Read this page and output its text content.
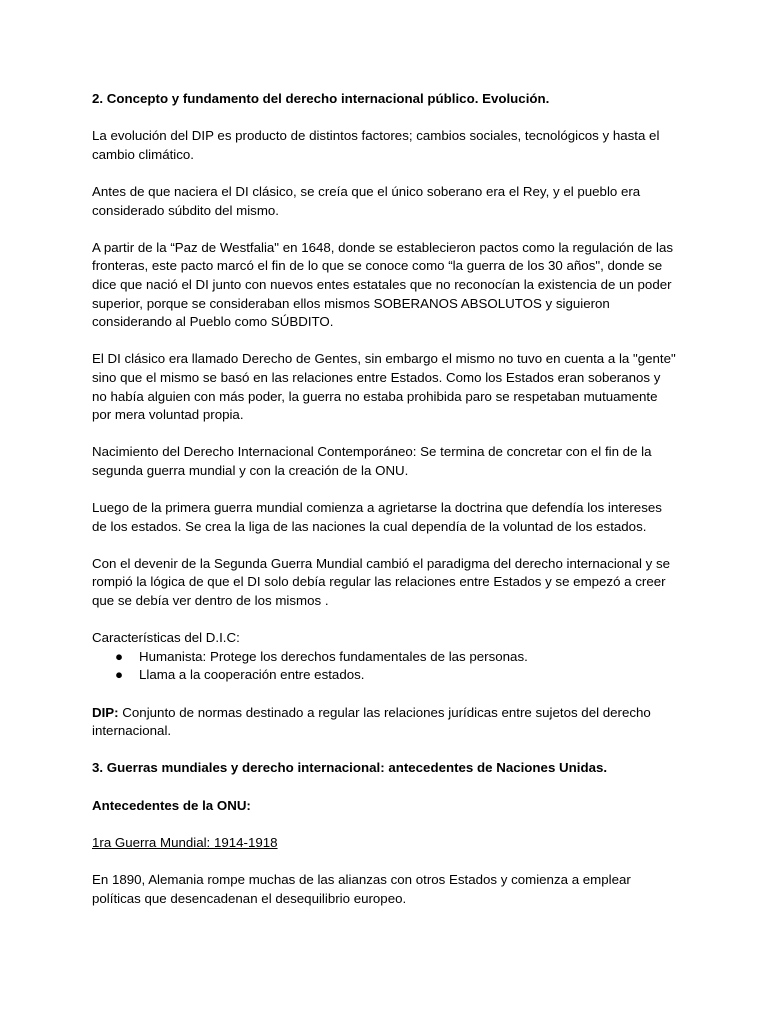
2. Concepto y fundamento del derecho internacional público. Evolución.

La evolución del DIP es producto de distintos factores; cambios sociales, tecnológicos y hasta el cambio climático.

Antes de que naciera el DI clásico, se creía que el único soberano era el Rey, y el pueblo era considerado súbdito del mismo.

A partir de la “Paz de Westfalia" en 1648, donde se establecieron pactos como la regulación de las fronteras, este pacto marcó el fin de lo que se conoce como “la guerra de los 30 años", donde se dice que nació el DI junto con nuevos entes estatales que no reconocían la existencia de un poder superior, porque se consideraban ellos mismos SOBERANOS ABSOLUTOS y siguieron considerando al Pueblo como SÚBDITO.

El DI clásico era llamado Derecho de Gentes, sin embargo el mismo no tuvo en cuenta a la "gente" sino que el mismo se basó en las relaciones entre Estados. Como los Estados eran soberanos y no había alguien con más poder, la guerra no estaba prohibida paro se respetaban mutuamente por mera voluntad propia.

Nacimiento del Derecho Internacional Contemporáneo: Se termina de concretar con el fin de la segunda guerra mundial y con la creación de la ONU.

Luego de la primera guerra mundial comienza a agrietarse la doctrina que defendía los intereses de los estados. Se crea la liga de las naciones la cual dependía de la voluntad de los estados.

Con el devenir de la Segunda Guerra Mundial cambió el paradigma del derecho internacional y se rompió la lógica de que el DI solo debía regular las relaciones entre Estados y se empezó a creer que se debía ver dentro de los mismos .

Características del D.I.C:
● Humanista: Protege los derechos fundamentales de las personas.
● Llama a la cooperación entre estados.

DIP: Conjunto de normas destinado a regular las relaciones jurídicas entre sujetos del derecho internacional.

3. Guerras mundiales y derecho internacional: antecedentes de Naciones Unidas.

Antecedentes de la ONU:

1ra Guerra Mundial: 1914-1918

En 1890, Alemania rompe muchas de las alianzas con otros Estados y comienza a emplear políticas que desencadenan el desequilibrio europeo.
